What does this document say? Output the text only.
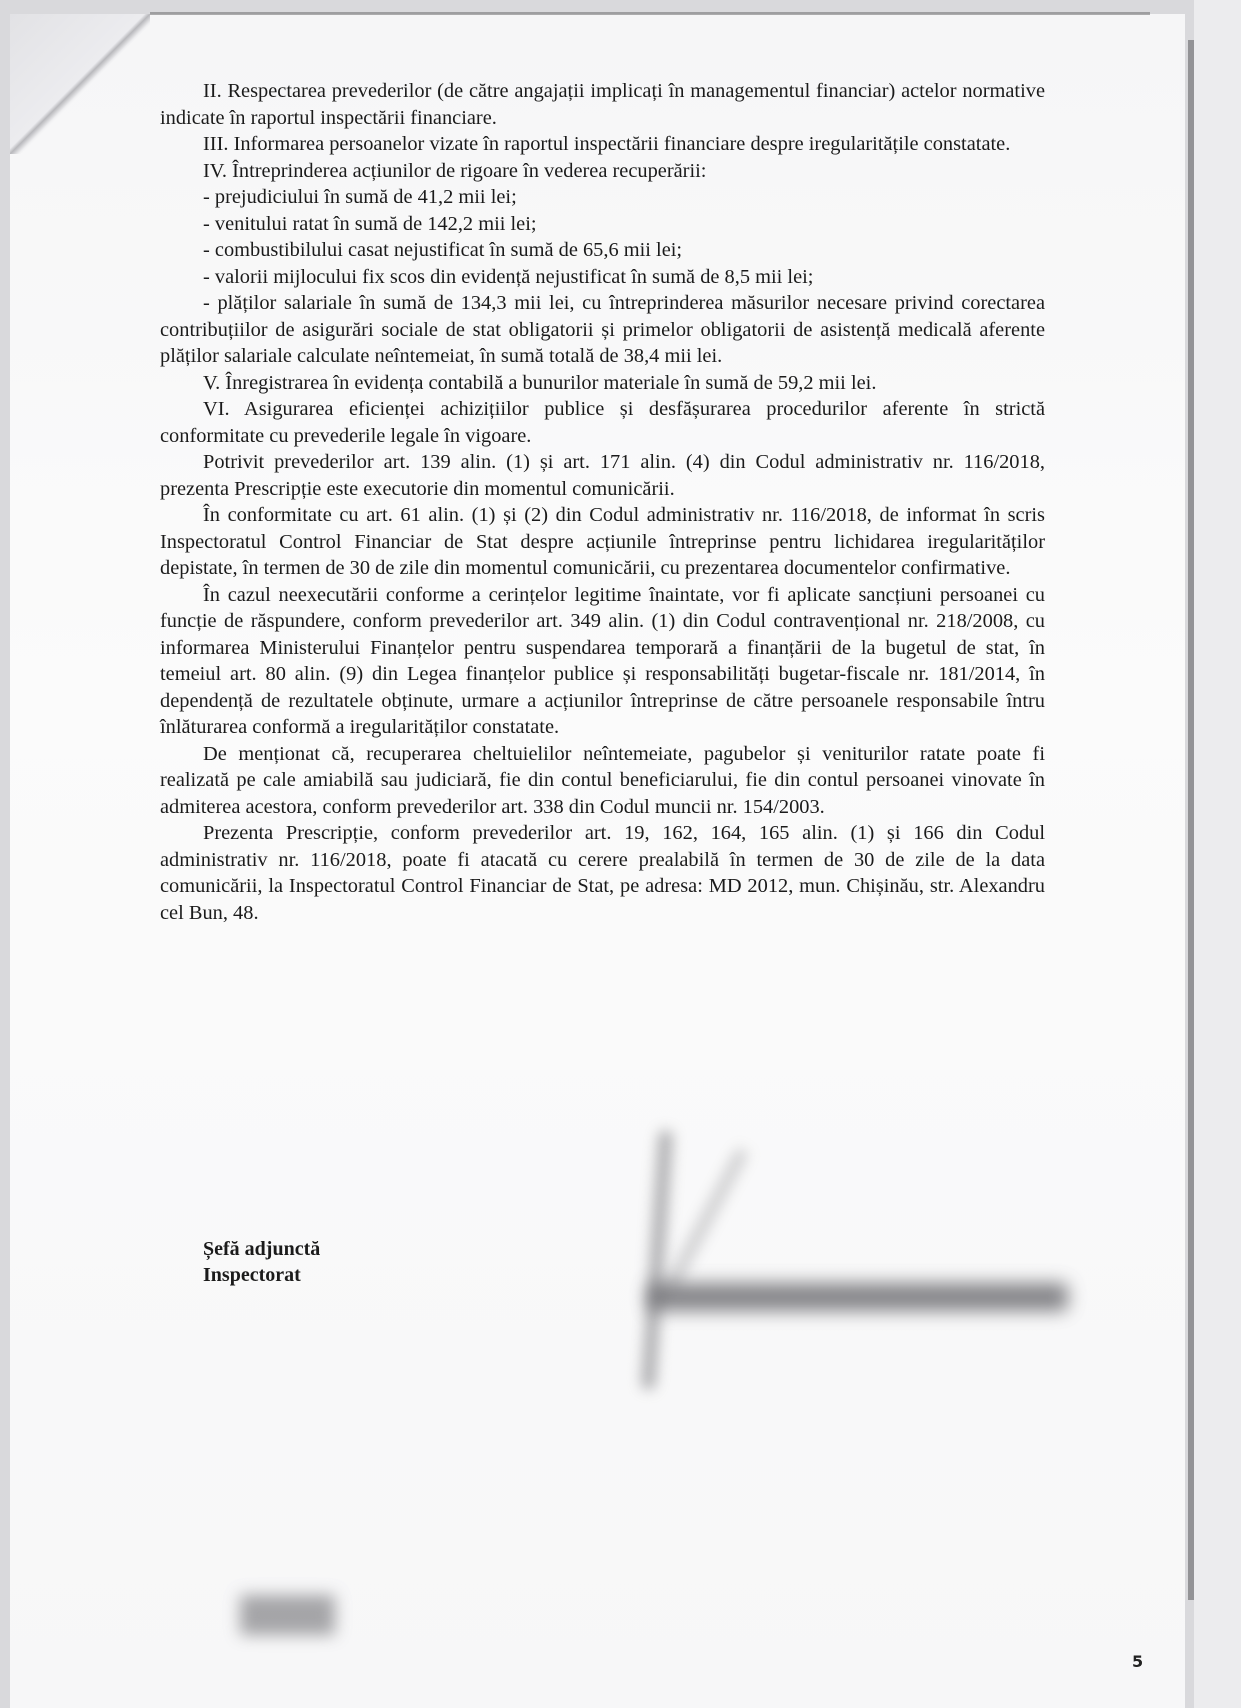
II. Respectarea prevederilor (de către angajații implicați în managementul financiar) actelor normative indicate în raportul inspectării financiare.

III. Informarea persoanelor vizate în raportul inspectării financiare despre iregularitățile constatate.

IV. Întreprinderea acțiunilor de rigoare în vederea recuperării:

- prejudiciului în sumă de 41,2 mii lei;

- venitului ratat în sumă de 142,2 mii lei;

- combustibilului casat nejustificat în sumă de 65,6 mii lei;

- valorii mijlocului fix scos din evidență nejustificat în sumă de 8,5 mii lei;

- plăților salariale în sumă de 134,3 mii lei, cu întreprinderea măsurilor necesare privind corectarea contribuțiilor de asigurări sociale de stat obligatorii și primelor obligatorii de asistență medicală aferente plăților salariale calculate neîntemeiat, în sumă totală de 38,4 mii lei.

V. Înregistrarea în evidența contabilă a bunurilor materiale în sumă de 59,2 mii lei.

VI. Asigurarea eficienței achizițiilor publice și desfășurarea procedurilor aferente în strictă conformitate cu prevederile legale în vigoare.

Potrivit prevederilor art. 139 alin. (1) și art. 171 alin. (4) din Codul administrativ nr. 116/2018, prezenta Prescripție este executorie din momentul comunicării.

În conformitate cu art. 61 alin. (1) și (2) din Codul administrativ nr. 116/2018, de informat în scris Inspectoratul Control Financiar de Stat despre acțiunile întreprinse pentru lichidarea iregularităților depistate, în termen de 30 de zile din momentul comunicării, cu prezentarea documentelor confirmative.

În cazul neexecutării conforme a cerințelor legitime înaintate, vor fi aplicate sancțiuni persoanei cu funcție de răspundere, conform prevederilor art. 349 alin. (1) din Codul contravențional nr. 218/2008, cu informarea Ministerului Finanțelor pentru suspendarea temporară a finanțării de la bugetul de stat, în temeiul art. 80 alin. (9) din Legea finanțelor publice și responsabilități bugetar-fiscale nr. 181/2014, în dependență de rezultatele obținute, urmare a acțiunilor întreprinse de către persoanele responsabile întru înlăturarea conformă a iregularităților constatate.

De menționat că, recuperarea cheltuielilor neîntemeiate, pagubelor și veniturilor ratate poate fi realizată pe cale amiabilă sau judiciară, fie din contul beneficiarului, fie din contul persoanei vinovate în admiterea acestora, conform prevederilor art. 338 din Codul muncii nr. 154/2003.

Prezenta Prescripție, conform prevederilor art. 19, 162, 164, 165 alin. (1) și 166 din Codul administrativ nr. 116/2018, poate fi atacată cu cerere prealabilă în termen de 30 de zile de la data comunicării, la Inspectoratul Control Financiar de Stat, pe adresa: MD 2012, mun. Chișinău, str. Alexandru cel Bun, 48.

Șefă adjunctă
Inspectorat
5
